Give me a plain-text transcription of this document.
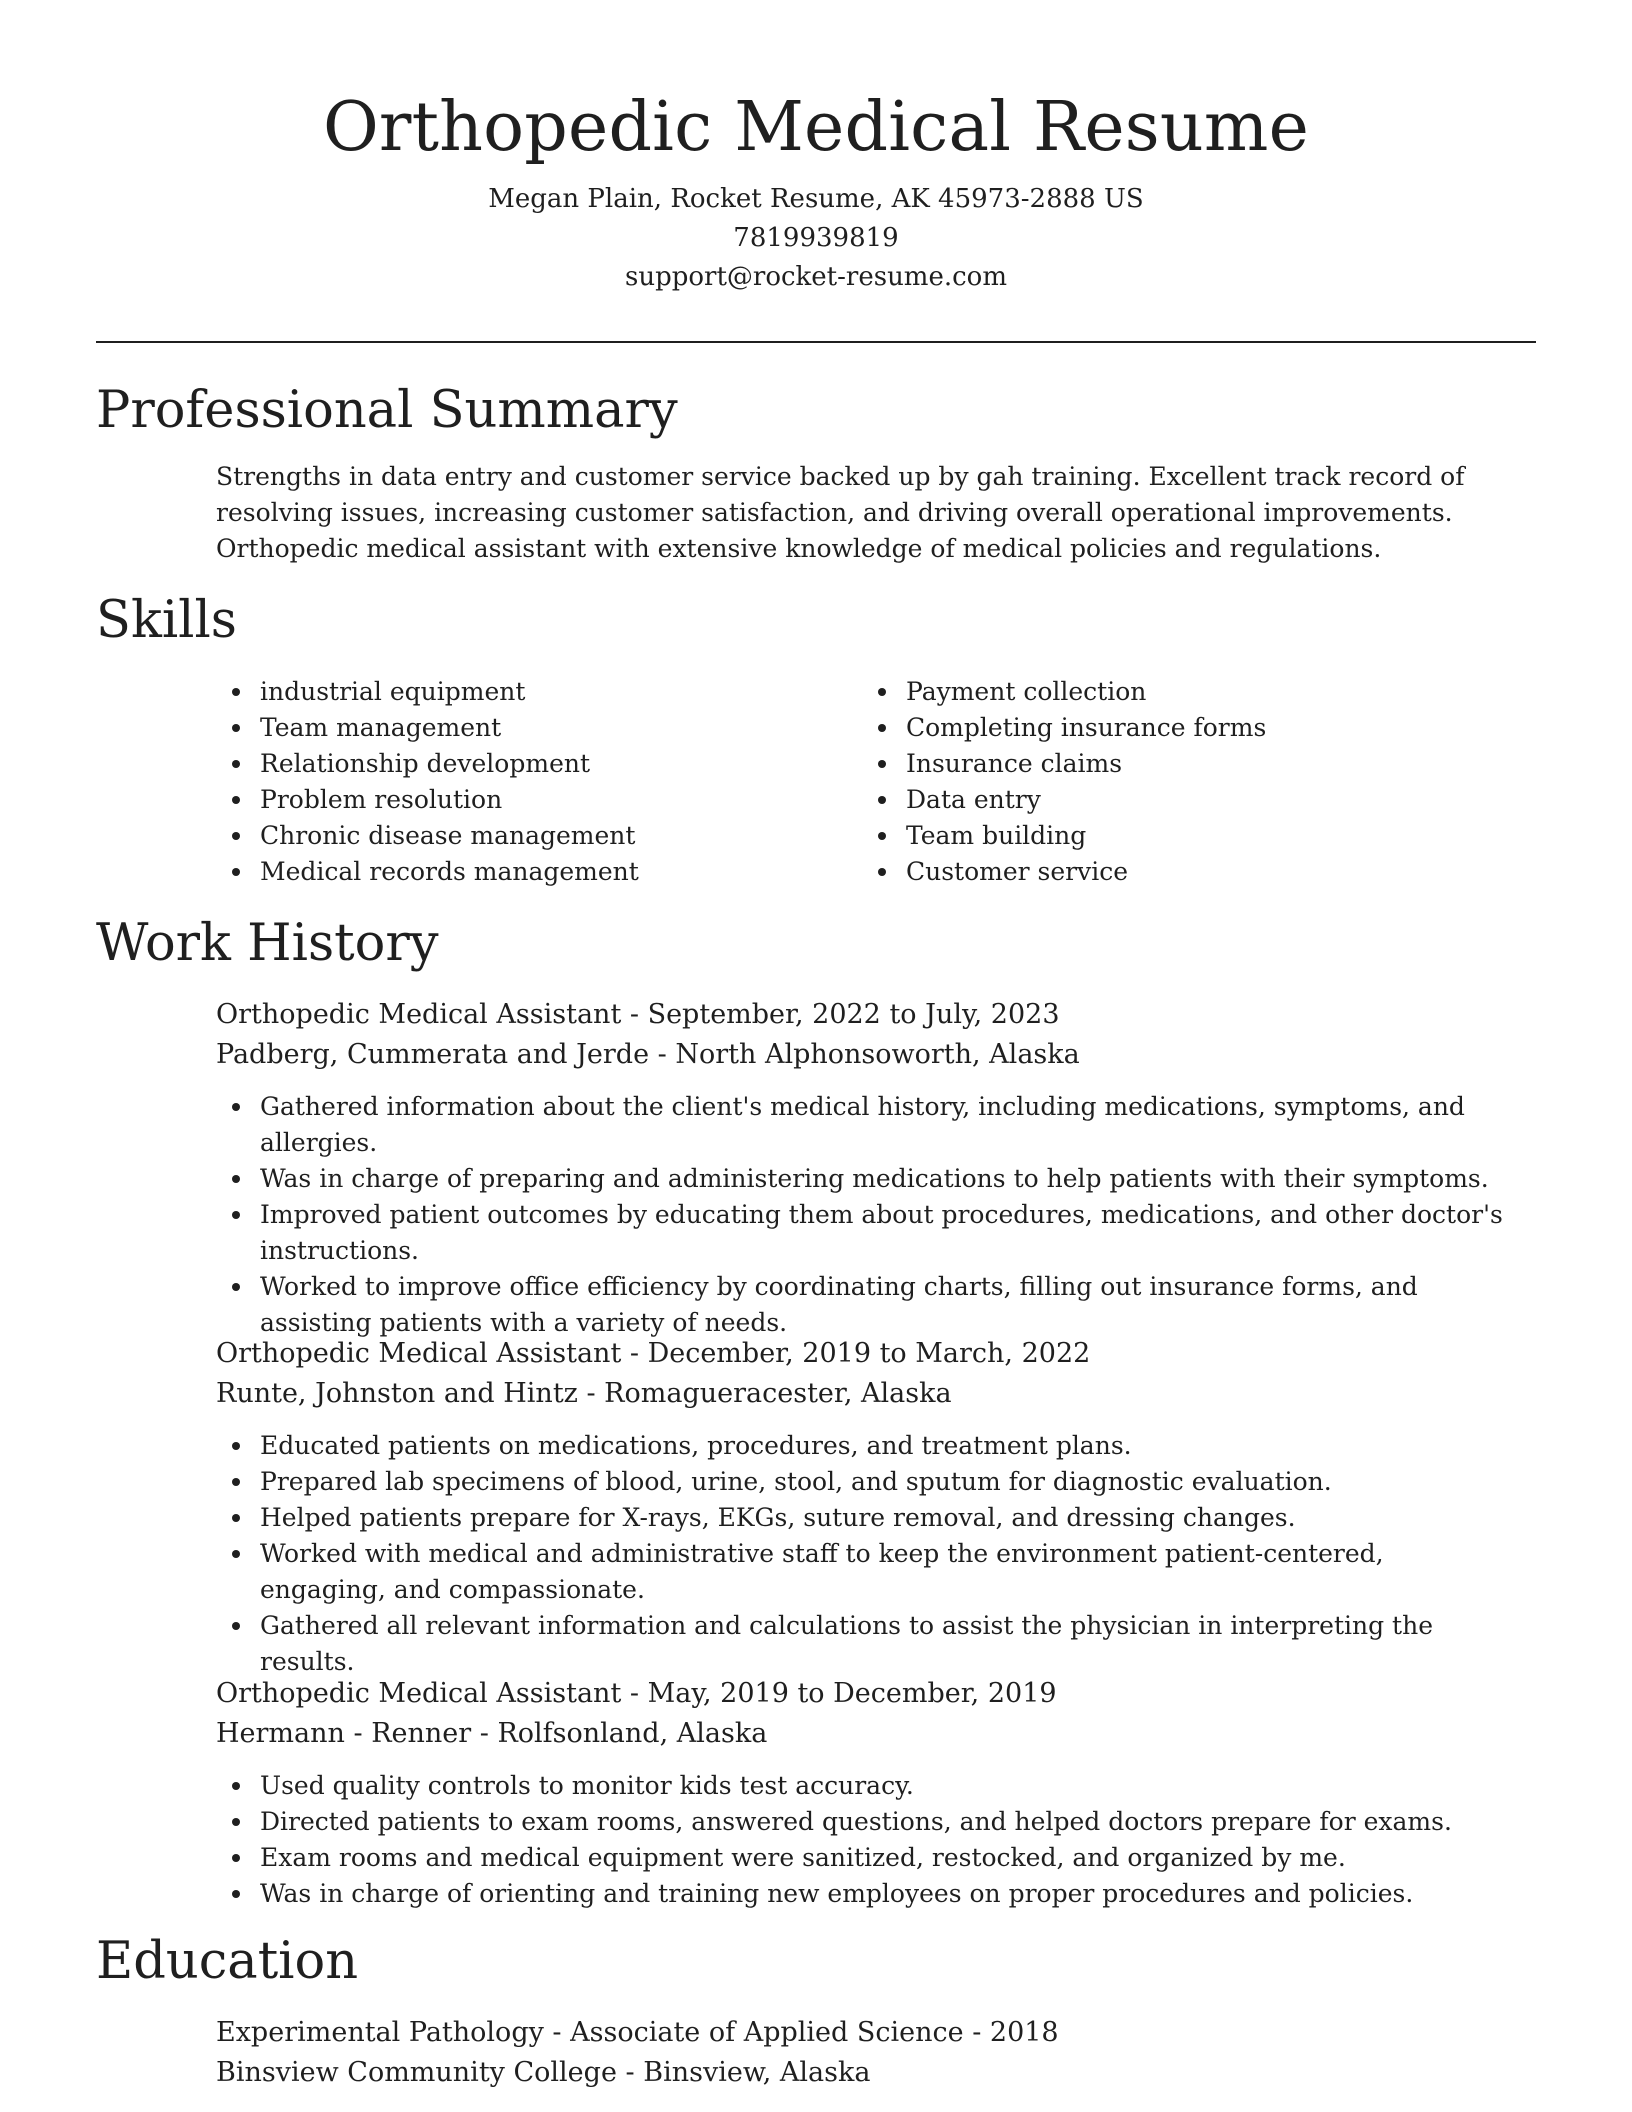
Orthopedic Medical Resume
Megan Plain, Rocket Resume, AK 45973-2888 US
7819939819
support@rocket-resume.com
Professional Summary

Strengths in data entry and customer service backed up by gah training. Excellent track record of resolving issues, increasing customer satisfaction, and driving overall operational improvements. Orthopedic medical assistant with extensive knowledge of medical policies and regulations.

Skills
industrial equipment
Team management
Relationship development
Problem resolution
Chronic disease management
Medical records management
Payment collection
Completing insurance forms
Insurance claims
Data entry
Team building
Customer service
Work History
Orthopedic Medical Assistant - September, 2022 to July, 2023
Padberg, Cummerata and Jerde - North Alphonsoworth, Alaska
Gathered information about the client's medical history, including medications, symptoms, and allergies.
Was in charge of preparing and administering medications to help patients with their symptoms.
Improved patient outcomes by educating them about procedures, medications, and other doctor's instructions.
Worked to improve office efficiency by coordinating charts, filling out insurance forms, and assisting patients with a variety of needs.
Orthopedic Medical Assistant - December, 2019 to March, 2022
Runte, Johnston and Hintz - Romagueracester, Alaska
Educated patients on medications, procedures, and treatment plans.
Prepared lab specimens of blood, urine, stool, and sputum for diagnostic evaluation.
Helped patients prepare for X-rays, EKGs, suture removal, and dressing changes.
Worked with medical and administrative staff to keep the environment patient-centered, engaging, and compassionate.
Gathered all relevant information and calculations to assist the physician in interpreting the results.
Orthopedic Medical Assistant - May, 2019 to December, 2019
Hermann - Renner - Rolfsonland, Alaska
Used quality controls to monitor kids test accuracy.
Directed patients to exam rooms, answered questions, and helped doctors prepare for exams.
Exam rooms and medical equipment were sanitized, restocked, and organized by me.
Was in charge of orienting and training new employees on proper procedures and policies.
Education
Experimental Pathology - Associate of Applied Science - 2018
Binsview Community College - Binsview, Alaska
